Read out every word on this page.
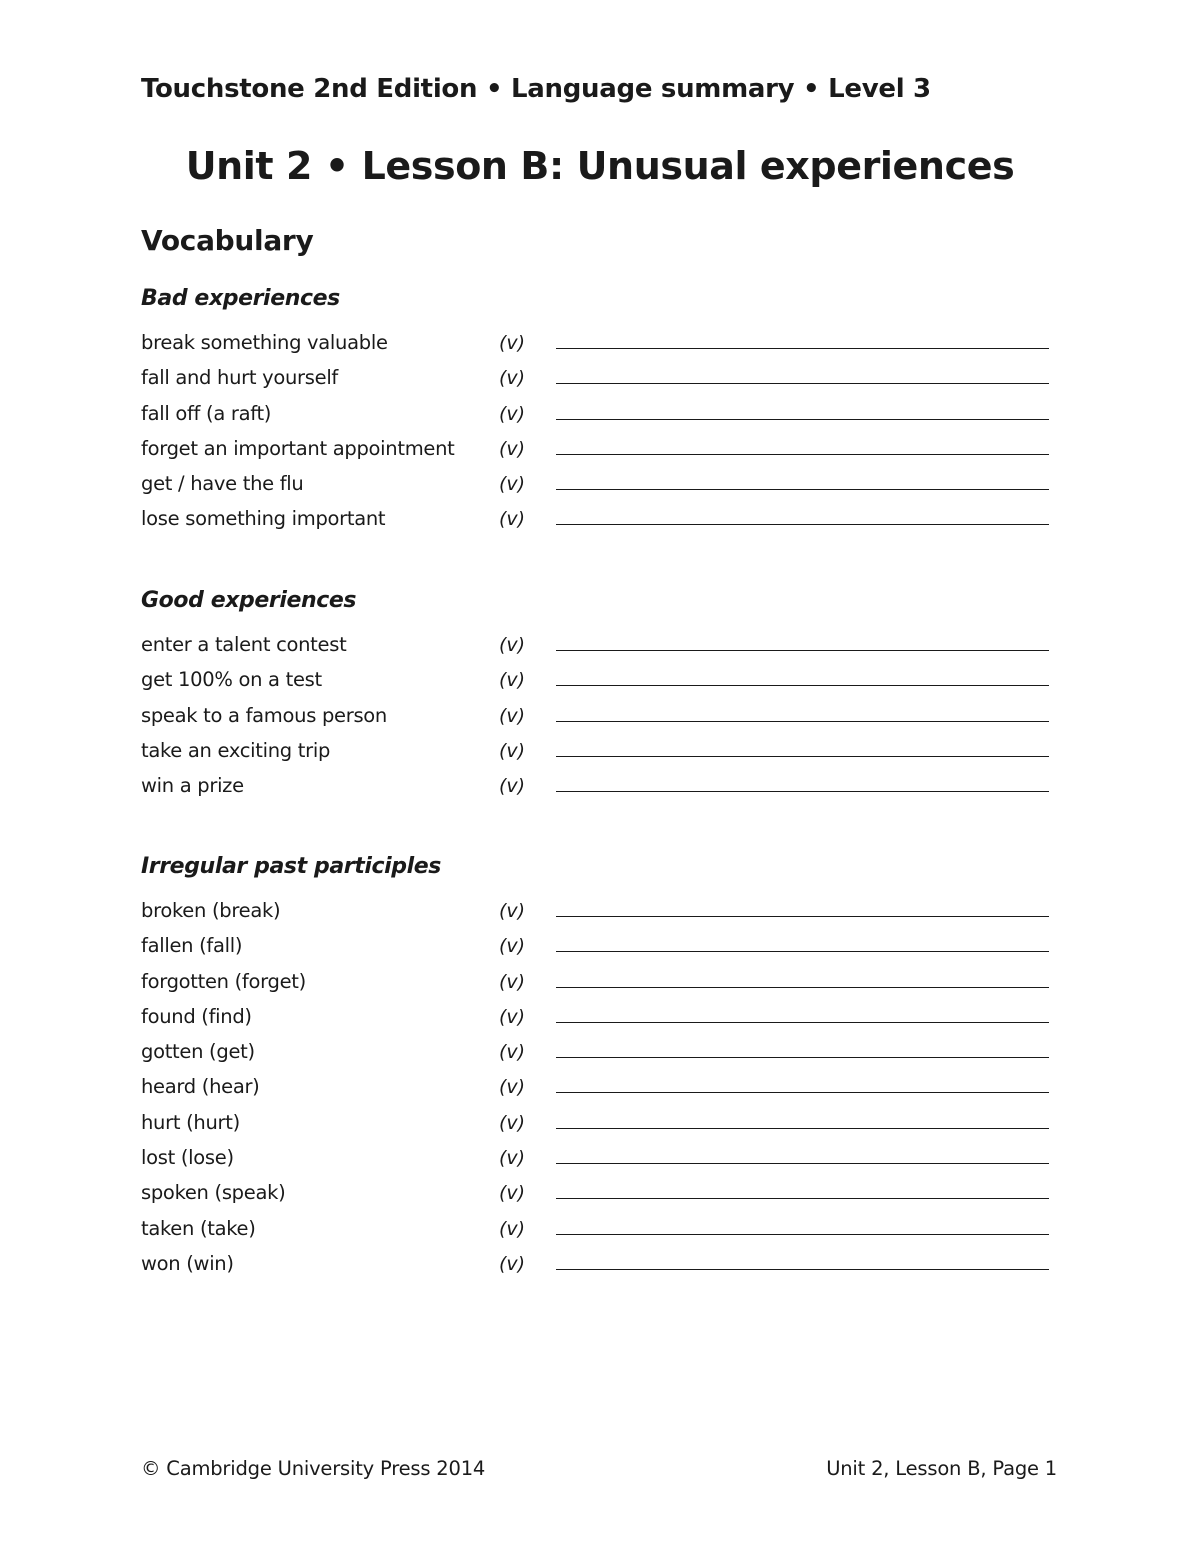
Touchstone 2nd Edition • Language summary • Level 3
Unit 2 • Lesson B: Unusual experiences
Vocabulary
Bad experiences
break something valuable	(v)
fall and hurt yourself	(v)
fall off (a raft)	(v)
forget an important appointment (v)
get / have the flu	(v)
lose something important	(v)
Good experiences
enter a talent contest	(v)
get 100% on a test	(v)
speak to a famous person	(v)
take an exciting trip	(v)
win a prize	(v)
Irregular past participles
broken (break)	(v)
fallen (fall)	(v)
forgotten (forget)	(v)
found (find)	(v)
gotten (get)	(v)
heard (hear)	(v)
hurt (hurt)	(v)
lost (lose)	(v)
spoken (speak)	(v)
taken (take)	(v)
won (win)	(v)
© Cambridge University Press 2014	Unit 2, Lesson B, Page 1
